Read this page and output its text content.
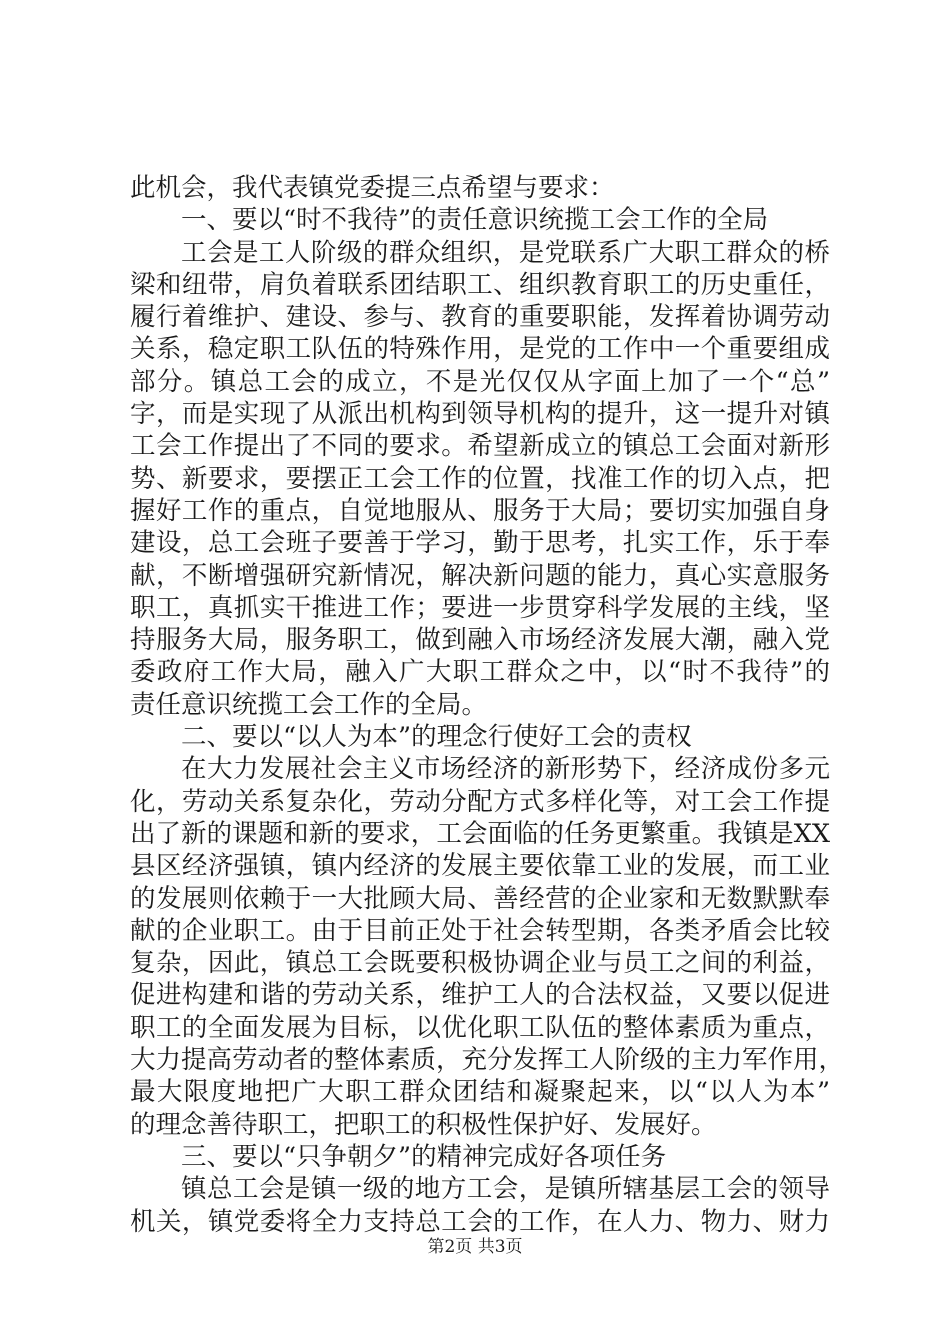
此机会，我代表镇党委提三点希望与要求：
一、要以“时不我待”的责任意识统揽工会工作的全局
工会是工人阶级的群众组织，是党联系广大职工群众的桥
梁和纽带，肩负着联系团结职工、组织教育职工的历史重任，
履行着维护、建设、参与、教育的重要职能，发挥着协调劳动
关系，稳定职工队伍的特殊作用，是党的工作中一个重要组成
部分。镇总工会的成立，不是光仅仅从字面上加了一个“总”
字，而是实现了从派出机构到领导机构的提升，这一提升对镇
工会工作提出了不同的要求。希望新成立的镇总工会面对新形
势、新要求，要摆正工会工作的位置，找准工作的切入点，把
握好工作的重点，自觉地服从、服务于大局；要切实加强自身
建设，总工会班子要善于学习，勤于思考，扎实工作，乐于奉
献，不断增强研究新情况，解决新问题的能力，真心实意服务
职工，真抓实干推进工作；要进一步贯穿科学发展的主线，坚
持服务大局，服务职工，做到融入市场经济发展大潮，融入党
委政府工作大局，融入广大职工群众之中，以“时不我待”的
责任意识统揽工会工作的全局。
二、要以“以人为本”的理念行使好工会的责权
在大力发展社会主义市场经济的新形势下，经济成份多元
化，劳动关系复杂化，劳动分配方式多样化等，对工会工作提
出了新的课题和新的要求，工会面临的任务更繁重。我镇是XX
县区经济强镇，镇内经济的发展主要依靠工业的发展，而工业
的发展则依赖于一大批顾大局、善经营的企业家和无数默默奉
献的企业职工。由于目前正处于社会转型期，各类矛盾会比较
复杂，因此，镇总工会既要积极协调企业与员工之间的利益，
促进构建和谐的劳动关系，维护工人的合法权益，又要以促进
职工的全面发展为目标，以优化职工队伍的整体素质为重点，
大力提高劳动者的整体素质，充分发挥工人阶级的主力军作用，
最大限度地把广大职工群众团结和凝聚起来，以“以人为本”
的理念善待职工，把职工的积极性保护好、发展好。
三、要以“只争朝夕”的精神完成好各项任务
镇总工会是镇一级的地方工会，是镇所辖基层工会的领导
机关，镇党委将全力支持总工会的工作，在人力、物力、财力
第2页 共3页
